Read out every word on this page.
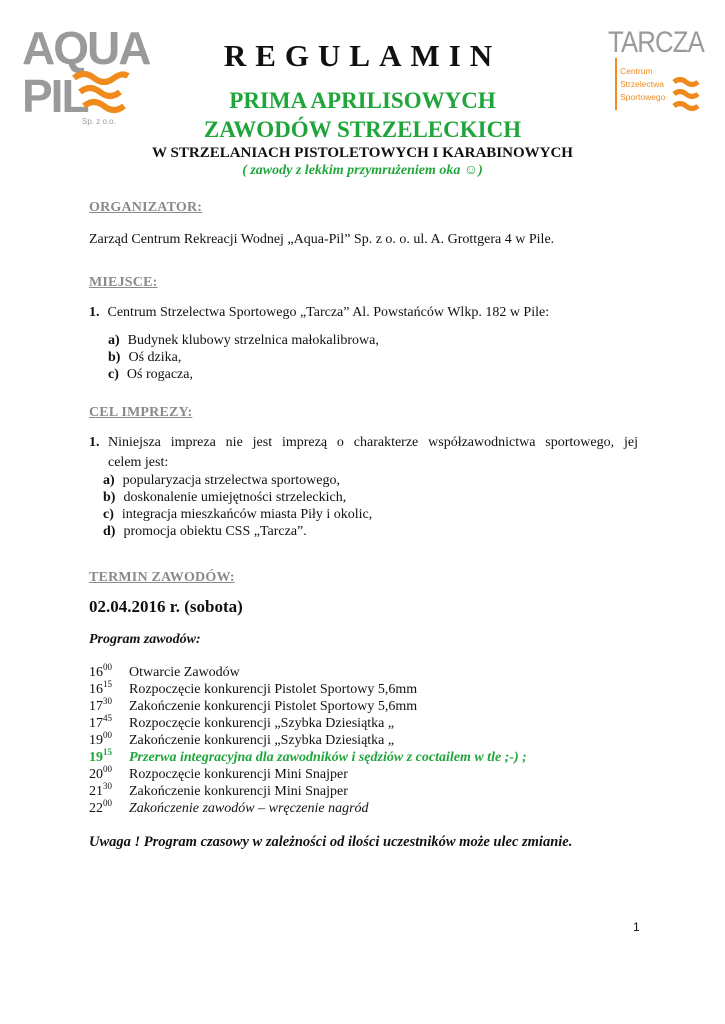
AQUA
PIL
Sp. z o.o.
TARCZA
Centrum
Strzelectwa
Sportowego
REGULAMIN
PRIMA APRILISOWYCH
ZAWODÓW STRZELECKICH
W STRZELANIACH PISTOLETOWYCH I KARABINOWYCH
( zawody z lekkim przymrużeniem oka ☺)
ORGANIZATOR:
Zarząd Centrum Rekreacji Wodnej „Aqua-Pil” Sp. z o. o. ul. A. Grottgera 4 w Pile.
MIEJSCE:
1. Centrum Strzelectwa Sportowego „Tarcza” Al. Powstańców Wlkp. 182 w Pile:
a) Budynek klubowy strzelnica małokalibrowa,
b) Oś dzika,
c) Oś rogacza,
CEL IMPREZY:
1. Niniejsza impreza nie jest imprezą o charakterze współzawodnictwa sportowego, jej
celem jest:
a) popularyzacja strzelectwa sportowego,
b) doskonalenie umiejętności strzeleckich,
c) integracja mieszkańców miasta Piły i okolic,
d) promocja obiektu CSS „Tarcza”.
TERMIN ZAWODÓW:
02.04.2016 r. (sobota)
Program zawodów:
$16^{00}$ Otwarcie Zawodów
$16^{15}$ Rozpoczęcie konkurencji Pistolet Sportowy 5,6mm
$17^{30}$ Zakończenie konkurencji Pistolet Sportowy 5,6mm
$17^{45}$ Rozpoczęcie konkurencji „Szybka Dziesiątka „
$19^{00}$ Zakończenie konkurencji „Szybka Dziesiątka „
$19^{15}$ Przerwa integracyjna dla zawodników i sędziów z coctailem w tle ;-) ;
$20^{00}$ Rozpoczęcie konkurencji Mini Snajper
$21^{30}$ Zakończenie konkurencji Mini Snajper
$22^{00}$ Zakończenie zawodów – wręczenie nagród
Uwaga ! Program czasowy w zależności od ilości uczestników może ulec zmianie.
1
